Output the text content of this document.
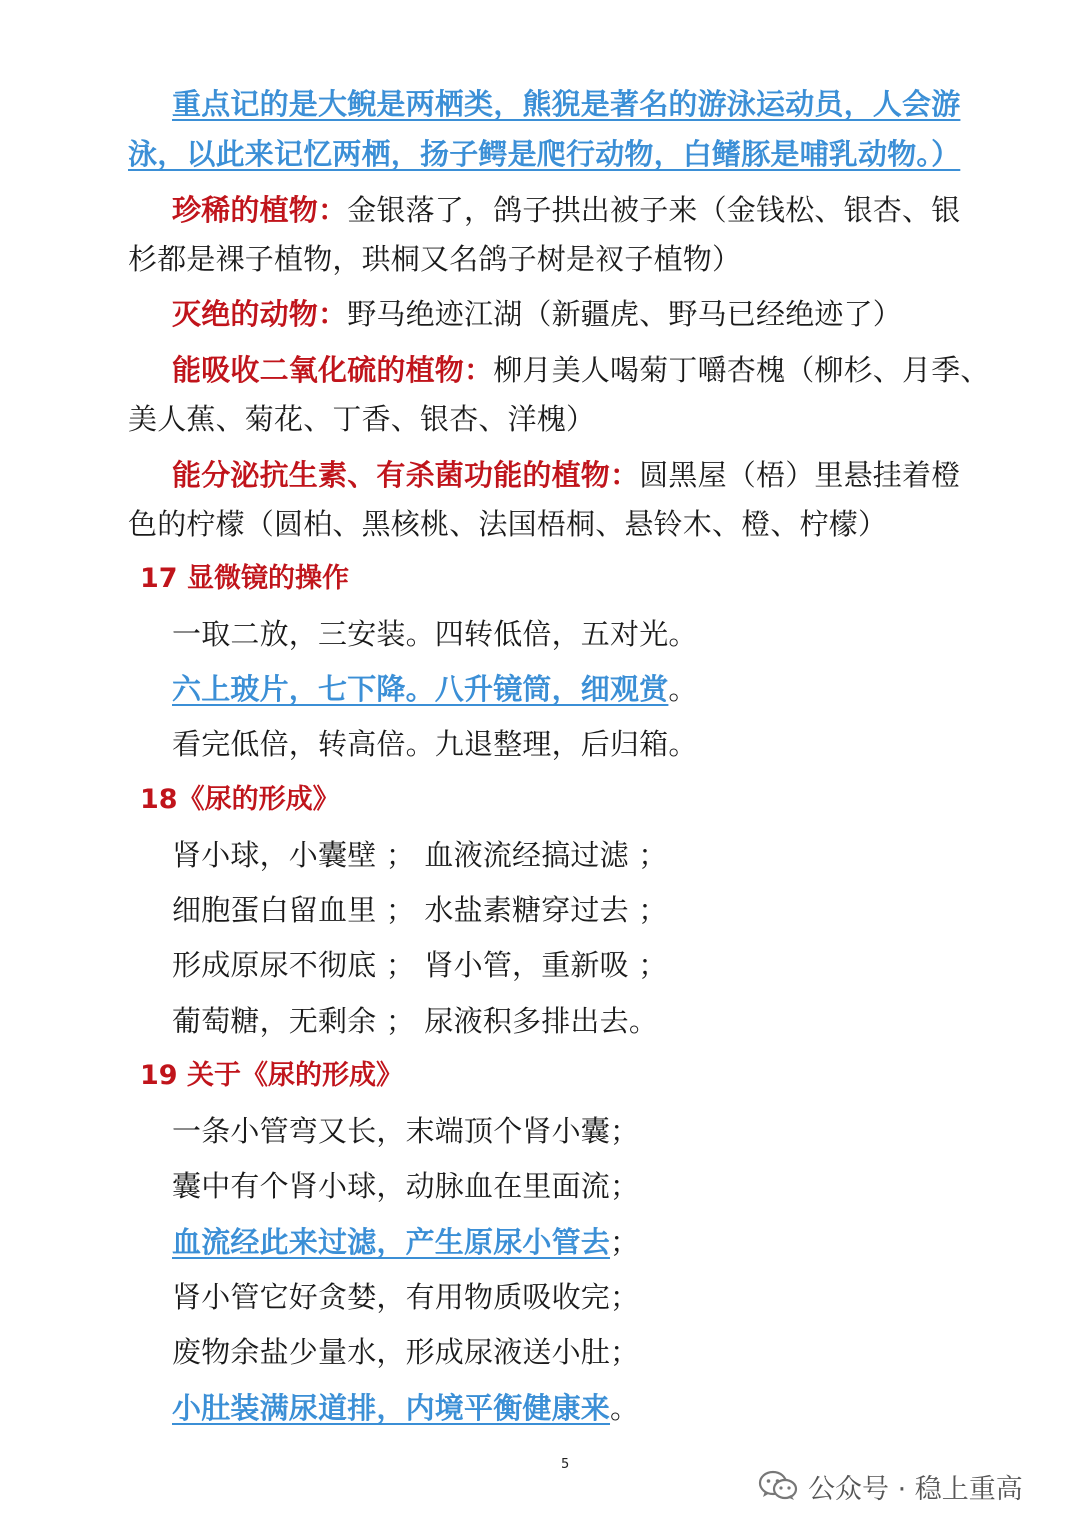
重点记的是大鲵是两栖类，熊猊是著名的游泳运动员，人会游
泳，以此来记忆两栖，扬子鳄是爬行动物，白鳍豚是哺乳动物。）
珍稀的植物：金银落了，鸽子拱出被子来（金钱松、银杏、银
杉都是裸子植物，珙桐又名鸽子树是衩子植物）
灭绝的动物：野马绝迹江湖（新疆虎、野马已经绝迹了）
能吸收二氧化硫的植物：柳月美人喝菊丁嚼杏槐（柳杉、月季、
美人蕉、菊花、丁香、银杏、洋槐）
能分泌抗生素、有杀菌功能的植物：圆黑屋（梧）里悬挂着橙
色的柠檬（圆柏、黑核桃、法国梧桐、悬铃木、橙、柠檬）
17 显微镜的操作
一取二放，三安装。四转低倍，五对光。
六上玻片，七下降。八升镜筒，细观赏。
看完低倍，转高倍。九退整理，后归箱。
18《尿的形成》
肾小球，小囊壁 ； 血液流经搞过滤 ；
细胞蛋白留血里 ； 水盐素糖穿过去 ；
形成原尿不彻底 ； 肾小管，重新吸 ；
葡萄糖，无剩余 ； 尿液积多排出去。
19 关于《尿的形成》
一条小管弯又长，末端顶个肾小囊；
囊中有个肾小球，动脉血在里面流；
血流经此来过滤，产生原尿小管去；
肾小管它好贪婪，有用物质吸收完；
废物余盐少量水，形成尿液送小肚；
小肚装满尿道排，内境平衡健康来。
5
公众号 · 稳上重高
